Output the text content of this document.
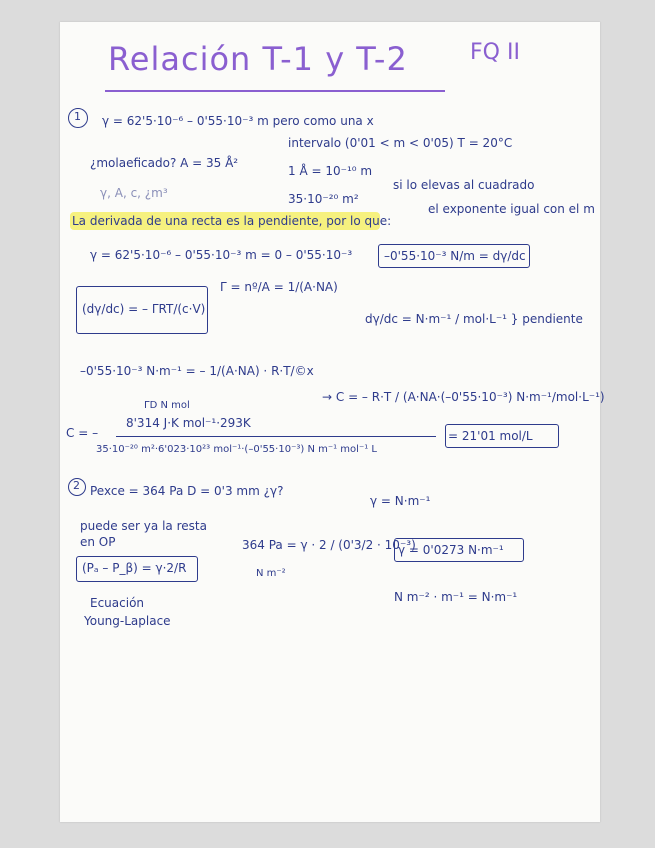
Relación T-1 y T-2	FQ II
1 γ = 62'5·10⁻⁶ – 0'55·10⁻³ m pero como una x
intervalo (0'01 < m < 0'05) T = 20°C
¿molaeficado? A = 35 Å²
1 Å = 10⁻¹⁰ m
γ, A, c, ¿m³	35·10⁻²⁰ m²
si lo elevas al cuadrado
el exponente igual con el m
La derivada de una recta es la pendiente, por lo que:
γ = 62'5·10⁻⁶ – 0'55·10⁻³ m = 0 – 0'55·10⁻³	–0'55·10⁻³ N/m = dγ/dc
Γ = nº/A = 1/(A·NA)
(dγ/dc) = – ΓRT/(c·V)
dγ/dc = N·m⁻¹ / mol·L⁻¹ } pendiente
–0'55·10⁻³ N·m⁻¹ = – 1/(A·NA) · R·T/©x
→ C = – R·T / (A·NA·(–0'55·10⁻³) N·m⁻¹/mol·L⁻¹)
ΓD N mol
C = –
8'314 J·K mol⁻¹·293K
35·10⁻²⁰ m²·6'023·10²³ mol⁻¹·(–0'55·10⁻³) N m⁻¹ mol⁻¹ L
= 21'01 mol/L
2 Pexce = 364 Pa D = 0'3 mm ¿γ?
γ = N·m⁻¹
puede ser ya la resta en OP
(Pₐ – P_β) = γ·2/R
364 Pa = γ · 2 / (0'3/2 · 10⁻³)
N m⁻²
γ = 0'0273 N·m⁻¹
N m⁻² · m⁻¹ = N·m⁻¹
Ecuación
Young-Laplace
